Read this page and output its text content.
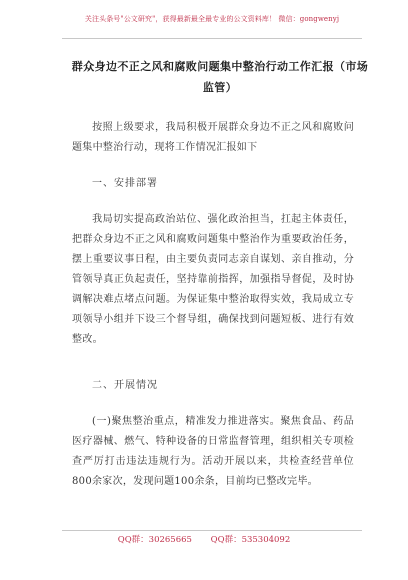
关注头条号"公文研究"，获得最新最全最专业的公文资料库！ 微信：gongwenyj
群众身边不正之风和腐败问题集中整治行动工作汇报（市场监管）
按照上级要求，我局积极开展群众身边不正之风和腐败问题集中整治行动，现将工作情况汇报如下
一、安排部署
我局切实提高政治站位、强化政治担当，扛起主体责任，把群众身边不正之风和腐败问题集中整治作为重要政治任务，摆上重要议事日程，由主要负责同志亲自谋划、亲自推动，分管领导真正负起责任，坚持靠前指挥，加强指导督促，及时协调解决难点堵点问题。为保证集中整治取得实效，我局成立专项领导小组并下设三个督导组，确保找到问题短板、进行有效整改。
二、开展情况
(一)聚焦整治重点，精准发力推进落实。聚焦食品、药品医疗器械、燃气、特种设备的日常监督管理，组织相关专项检查严厉打击违法违规行为。活动开展以来，共检查经营单位800余家次，发现问题100余条，目前均已整改完毕。
QQ群：30265665 QQ群：535304092
